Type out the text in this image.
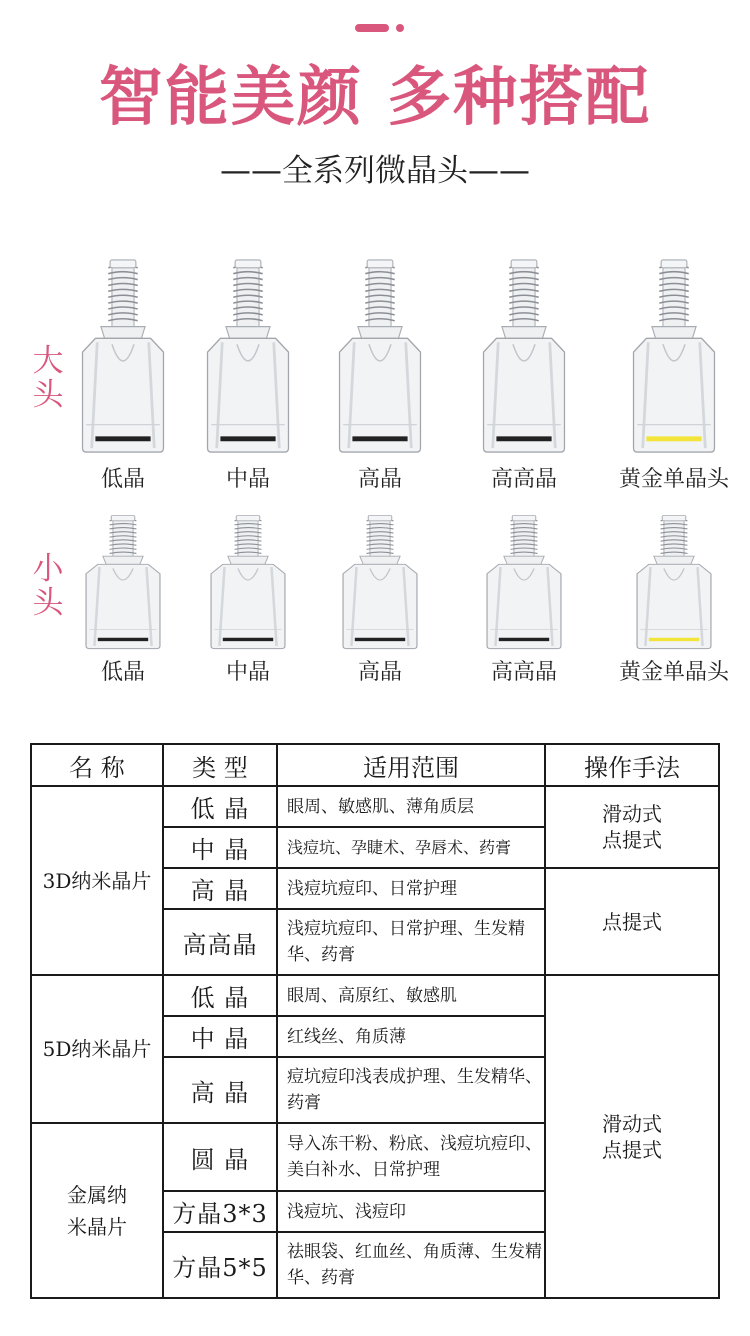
智能美颜 多种搭配
——全系列微晶头——
大
头
小
头
低晶	中晶	高晶	高高晶	黄金单晶头
低晶	中晶	高晶	高高晶	黄金单晶头
名 称	类 型	适用范围	操作手法
3D纳米晶片	低 晶	眼周、敏感肌、薄角质层	滑动式点提式

	中 晶	浅痘坑、孕睫术、孕唇术、药膏	
	高 晶	浅痘坑痘印、日常护理	点提式
	高高晶	浅痘坑痘印、日常护理、生发精华、药膏	
5D纳米晶片	低 晶	眼周、高原红、敏感肌	滑动式点提式

	中 晶	红线丝、角质薄	
	高 晶	痘坑痘印浅表成护理、生发精华、药膏	

金属纳米晶片	圆 晶	导入冻干粉、粉底、浅痘坑痘印、美白补水、日常护理	
	方晶3*3	浅痘坑、浅痘印	
	方晶5*5	祛眼袋、红血丝、角质薄、生发精华、药膏	
